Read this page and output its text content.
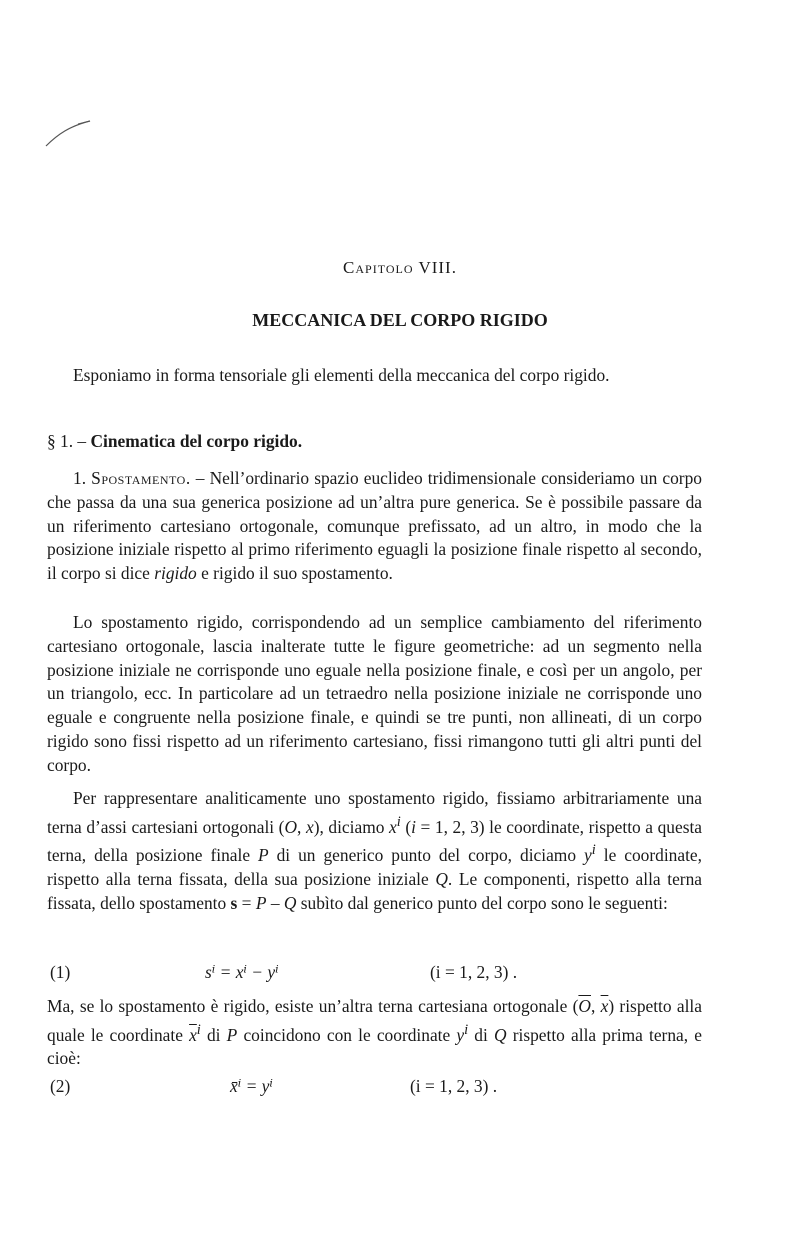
Capitolo VIII.
MECCANICA DEL CORPO RIGIDO
Esponiamo in forma tensoriale gli elementi della meccanica del corpo rigido.
§ 1. – Cinematica del corpo rigido.
1. Spostamento. – Nell’ordinario spazio euclideo tridimensionale consideriamo un corpo che passa da una sua generica posizione ad un’altra pure generica. Se è possibile passare da un riferimento cartesiano ortogonale, comunque prefissato, ad un altro, in modo che la posizione iniziale rispetto al primo riferimento eguagli la posizione finale rispetto al secondo, il corpo si dice rigido e rigido il suo spostamento.
Lo spostamento rigido, corrispondendo ad un semplice cambiamento del riferimento cartesiano ortogonale, lascia inalterate tutte le figure geometriche: ad un segmento nella posizione iniziale ne corrisponde uno eguale nella posizione finale, e così per un angolo, per un triangolo, ecc. In particolare ad un tetraedro nella posizione iniziale ne corrisponde uno eguale e congruente nella posizione finale, e quindi se tre punti, non allineati, di un corpo rigido sono fissi rispetto ad un riferimento cartesiano, fissi rimangono tutti gli altri punti del corpo.
Per rappresentare analiticamente uno spostamento rigido, fissiamo arbitrariamente una terna d’assi cartesiani ortogonali (O, x), diciamo $x^i$ (i = 1, 2, 3) le coordinate, rispetto a questa terna, della posizione finale P di un generico punto del corpo, diciamo $y^i$ le coordinate, rispetto alla terna fissata, della sua posizione iniziale Q. Le componenti, rispetto alla terna fissata, dello spostamento s = P – Q subìto dal generico punto del corpo sono le seguenti:
(1)	sⁱ = xⁱ − yⁱ	(i = 1, 2, 3) .
Ma, se lo spostamento è rigido, esiste un’altra terna cartesiana ortogonale ($\overline{O}$, $\overline{x}$) rispetto alla quale le coordinate $\overline{x}^i$ di P coincidono con le coordinate $y^i$ di Q rispetto alla prima terna, e cioè:
(2)	x̄ⁱ = yⁱ	(i = 1, 2, 3) .
